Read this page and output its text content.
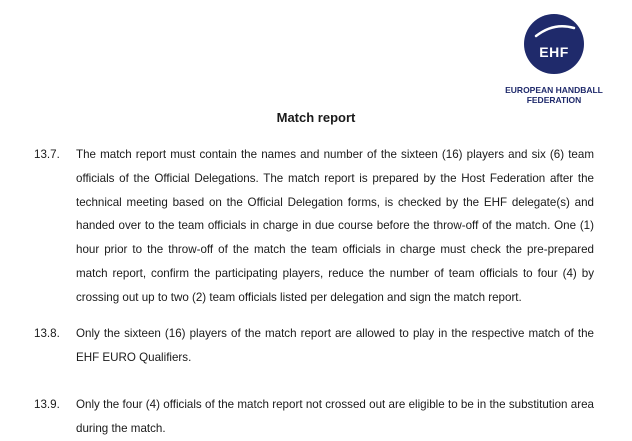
EHF
EUROPEAN HANDBALL
FEDERATION
Match report
13.7. The match report must contain the names and number of the sixteen (16) players and six (6) team officials of the Official Delegations. The match report is prepared by the Host Federation after the technical meeting based on the Official Delegation forms, is checked by the EHF delegate(s) and handed over to the team officials in charge in due course before the throw-off of the match. One (1) hour prior to the throw-off of the match the team officials in charge must check the pre-prepared match report, confirm the participating players, reduce the number of team officials to four (4) by crossing out up to two (2) team officials listed per delegation and sign the match report.
13.8. Only the sixteen (16) players of the match report are allowed to play in the respective match of the EHF EURO Qualifiers.
13.9. Only the four (4) officials of the match report not crossed out are eligible to be in the substitution area during the match.
